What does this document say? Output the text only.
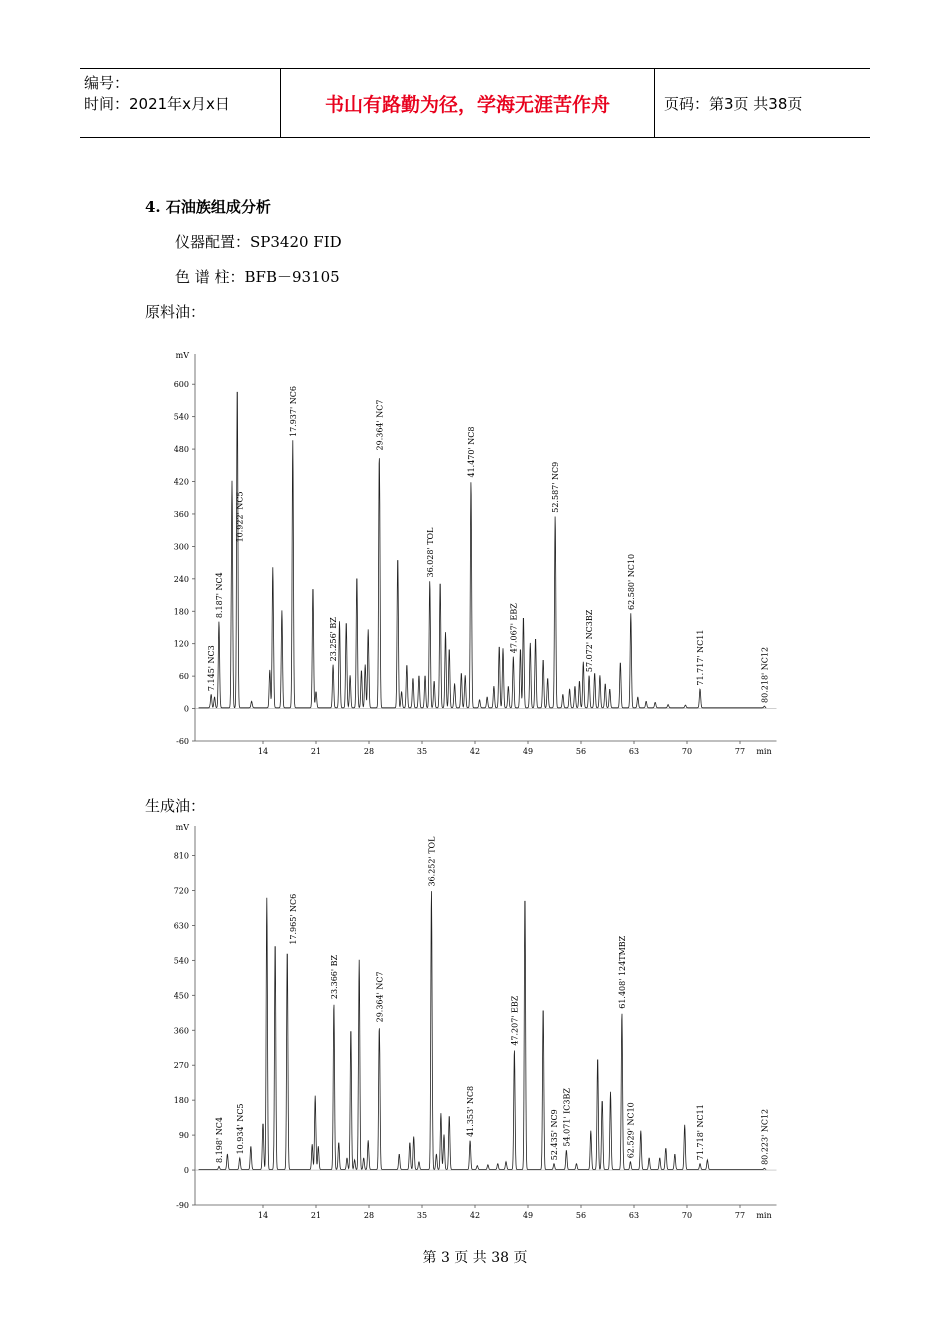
编号：
时间：2021年x月x日	书山有路勤为径，学海无涯苦作舟	页码：第3页 共38页
4. 石油族组成分析
仪器配置：SP3420 FID
色 谱 柱：BFB－93105
原料油：
mV
-60
0
60
120
180
240
300
360
420
480
540
600
14	21	28	35	42	49	56	63	70	77 min
7.145' NC3
8.187' NC4
10.922' NC5
17.937' NC6
23.256' BZ
29.364' NC7
36.028' TOL
41.470' NC8
47.067' EBZ
52.587' NC9
57.072' NC3BZ
62.580' NC10
71.717' NC11	80.218' NC12
生成油：
mV
-90
0
90
180
270
360
450
540
630
720
810
14	21	28	35	42	49	56	63	70	77 min
8.198' NC4 10.934' NC5
17.965' NC6
23.366' BZ	29.364' NC7
36.252' TOL
41.353' NC8
47.207' EBZ
52.435' NC9 54.071' IC3BZ
61.408' 124TMBZ
62.529' NC10	71.718' NC11	80.223' NC12
第 3 页 共 38 页
